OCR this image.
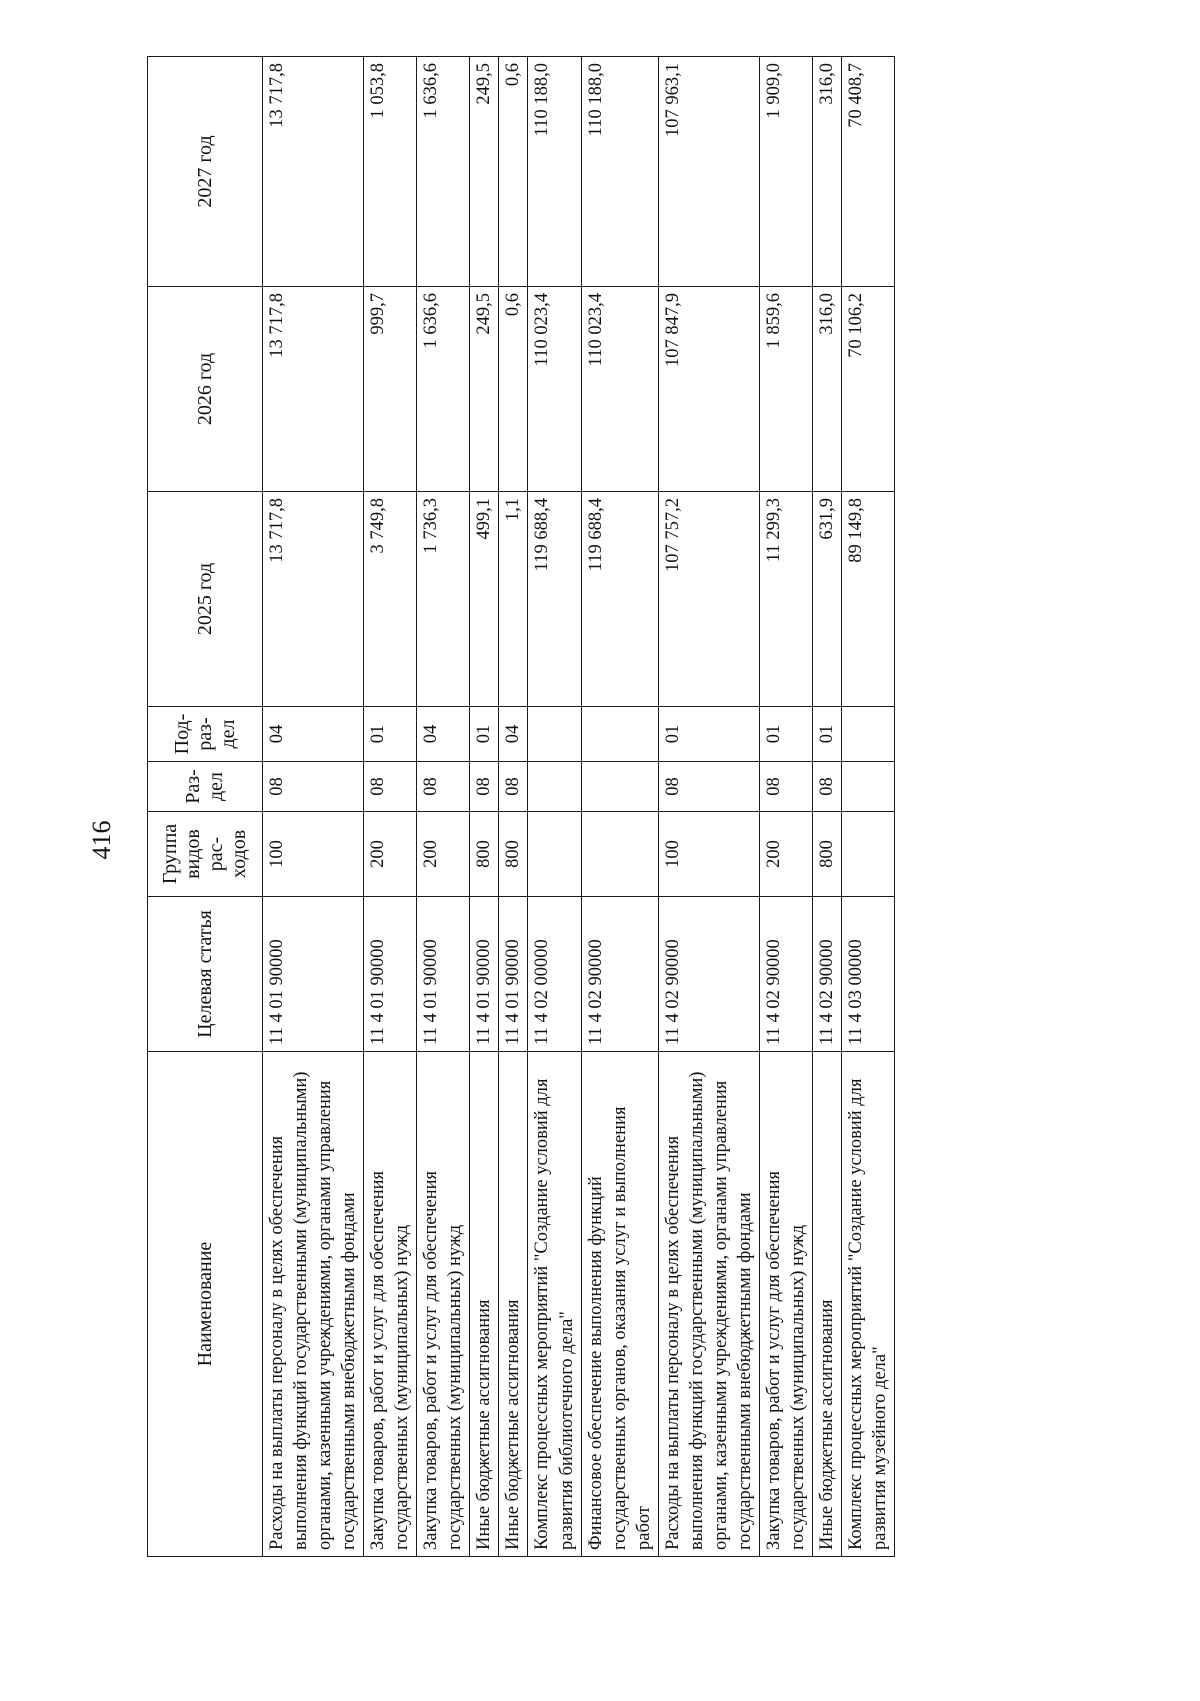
416
Наименование	Целевая статья	Группа видов рас-ходов	Раз-дел	Под-раз-дел	2025 год	2026 год	2027 год
Расходы на выплаты персоналу в целях обеспечения выполнения функций государственными (муниципальными) органами, казенными учреждениями, органами управления государственными внебюджетными фондами	11 4 01 90000	100	08	04	13 717,8	13 717,8	13 717,8
Закупка товаров, работ и услуг для обеспечения государственных (муниципальных) нужд	11 4 01 90000	200	08	01	3 749,8	999,7	1 053,8
Закупка товаров, работ и услуг для обеспечения государственных (муниципальных) нужд	11 4 01 90000	200	08	04	1 736,3	1 636,6	1 636,6
Иные бюджетные ассигнования	11 4 01 90000	800	08	01	499,1	249,5	249,5
Иные бюджетные ассигнования	11 4 01 90000	800	08	04	1,1	0,6	0,6
Комплекс процессных мероприятий "Создание условий для развития библиотечного дела"	11 4 02 00000				119 688,4	110 023,4	110 188,0
Финансовое обеспечение выполнения функций государственных органов, оказания услуг и выполнения работ	11 4 02 90000				119 688,4	110 023,4	110 188,0
Расходы на выплаты персоналу в целях обеспечения выполнения функций государственными (муниципальными) органами, казенными учреждениями, органами управления государственными внебюджетными фондами	11 4 02 90000	100	08	01	107 757,2	107 847,9	107 963,1
Закупка товаров, работ и услуг для обеспечения государственных (муниципальных) нужд	11 4 02 90000	200	08	01	11 299,3	1 859,6	1 909,0
Иные бюджетные ассигнования	11 4 02 90000	800	08	01	631,9	316,0	316,0
Комплекс процессных мероприятий "Создание условий для развития музейного дела"	11 4 03 00000				89 149,8	70 106,2	70 408,7
